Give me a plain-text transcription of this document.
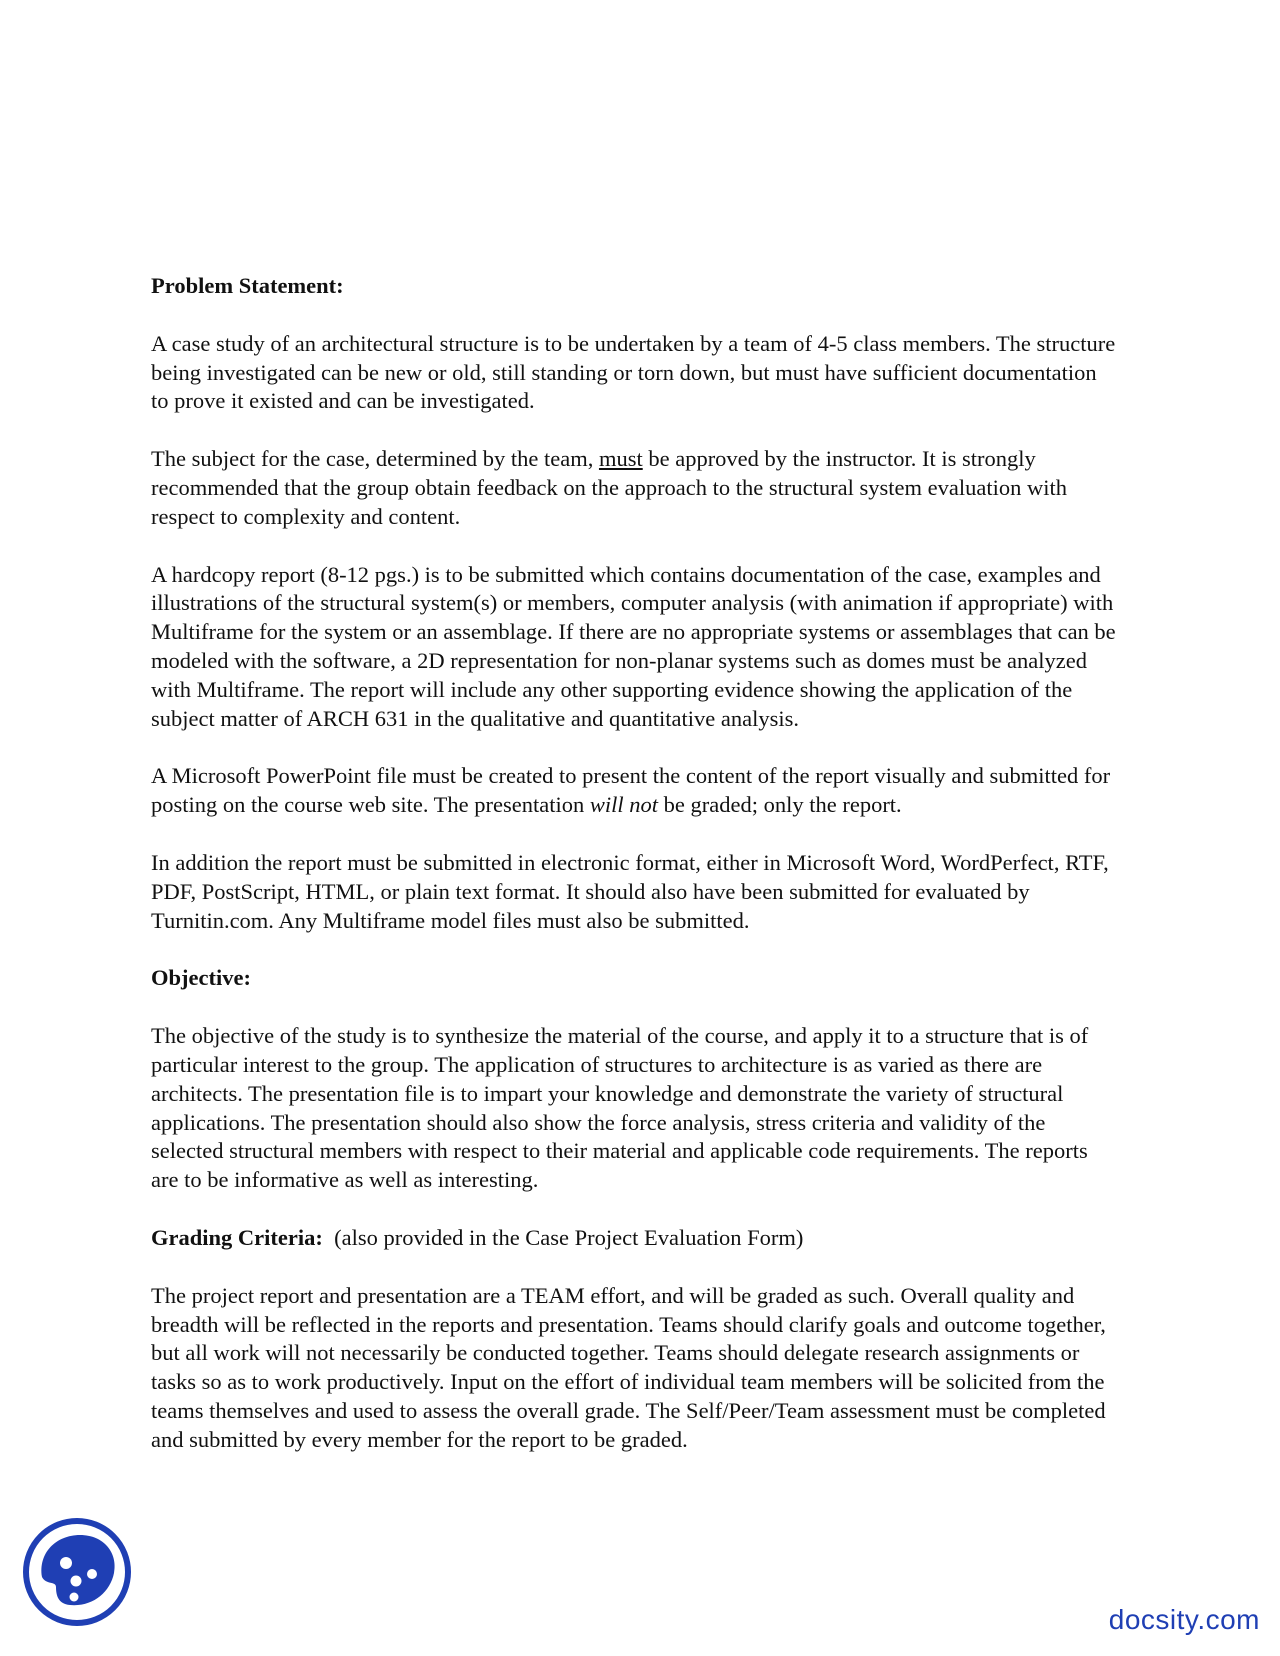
Problem Statement:

A case study of an architectural structure is to be undertaken by a team of 4-5 class members. The structure being investigated can be new or old, still standing or torn down, but must have sufficient documentation to prove it existed and can be investigated.

The subject for the case, determined by the team, must be approved by the instructor. It is strongly recommended that the group obtain feedback on the approach to the structural system evaluation with respect to complexity and content.

A hardcopy report (8-12 pgs.) is to be submitted which contains documentation of the case, examples and illustrations of the structural system(s) or members, computer analysis (with animation if appropriate) with Multiframe for the system or an assemblage. If there are no appropriate systems or assemblages that can be modeled with the software, a 2D representation for non-planar systems such as domes must be analyzed with Multiframe. The report will include any other supporting evidence showing the application of the subject matter of ARCH 631 in the qualitative and quantitative analysis.

A Microsoft PowerPoint file must be created to present the content of the report visually and submitted for posting on the course web site. The presentation will not be graded; only the report.

In addition the report must be submitted in electronic format, either in Microsoft Word, WordPerfect, RTF, PDF, PostScript, HTML, or plain text format. It should also have been submitted for evaluated by Turnitin.com. Any Multiframe model files must also be submitted.

Objective:

The objective of the study is to synthesize the material of the course, and apply it to a structure that is of particular interest to the group. The application of structures to architecture is as varied as there are architects. The presentation file is to impart your knowledge and demonstrate the variety of structural applications. The presentation should also show the force analysis, stress criteria and validity of the selected structural members with respect to their material and applicable code requirements. The reports are to be informative as well as interesting.

Grading Criteria:  (also provided in the Case Project Evaluation Form)

The project report and presentation are a TEAM effort, and will be graded as such. Overall quality and breadth will be reflected in the reports and presentation. Teams should clarify goals and outcome together, but all work will not necessarily be conducted together. Teams should delegate research assignments or tasks so as to work productively. Input on the effort of individual team members will be solicited from the teams themselves and used to assess the overall grade. The Self/Peer/Team assessment must be completed and submitted by every member for the report to be graded.

docsity.com
